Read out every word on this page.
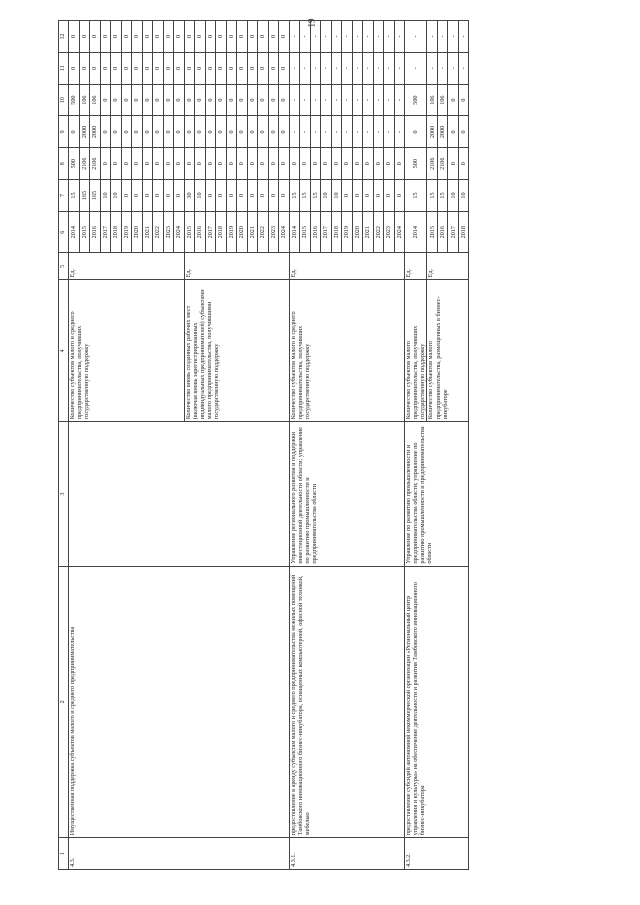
19
1	2	3	4	5	6	7	8	9	10	11	12
4.3.	Имущественная поддержка субъектов малого и среднего предпринимательства		Количество субъектов малого и среднего предпринимательства, получивших государственную поддержку	Ед.	2014	15	500	0	500	0	0
					2015	165	2106	2000	106	0	0
					2016	165	2106	2000	106	0	0
					2017	10	0	0	0	0	0
					2018	10	0	0	0	0	0
					2019	0	0	0	0	0	0
					2020	0	0	0	0	0	0
					2021	0	0	0	0	0	0
					2022	0	0	0	0	0	0
					2023	0	0	0	0	0	0
					2024	0	0	0	0	0	0
			Количество вновь созданных рабочих мест (включая вновь зарегистрированных индивидуальных предпринимателей) субъектами малого предпринимательства, получившими государственную поддержку	Ед.	2015	30	0	0	0	0	0
					2016	10	0	0	0	0	0
					2017	0	0	0	0	0	0
					2018	0	0	0	0	0	0
					2019	0	0	0	0	0	0
					2020	0	0	0	0	0	0
					2021	0	0	0	0	0	0
					2022	0	0	0	0	0	0
					2023	0	0	0	0	0	0
					2024	0	0	0	0	0	0
4.3.1.	предоставление в аренду субъектам малого и среднего предпринимательства нежилых помещений Тамбовского инновационного бизнес-инкубатора, оснащенных компьютерной, офисной техникой, мебелью	Управление регионального развития и поддержки инвестиционной деятельности области; управление по развитию промышленности и предпринимательства области	Количество субъектов малого и среднего предпринимательства, получивших государственную поддержку	Ед.	2014	15	0	-	-	-	-
					2015	15	0	-	-	-	-
					2016	15	0	-	-	-	-
					2017	10	0	-	-	-	-
					2018	10	0	-	-	-	-
					2019	0	0	-	-	-	-
					2020	0	0	-	-	-	-
					2021	0	0	-	-	-	-
					2022	0	0	-	-	-	-
					2023	0	0	-	-	-	-
					2024	0	0	-	-	-	-
4.3.2.	предоставление субсидий автономной некоммерческой организации «Региональный центр управления и культуры» на обеспечение деятельности и развития Тамбовского инновационного бизнес-инкубатора	Управление по развитию промышленности и предпринимательства области; управление по развитию промышленности и предпринимательства области	Количество субъектов малого предпринимательства, получивших государственную поддержку	Ед.	2014	15	500	0	500	-	-
			Количество субъектов малого предпринимательства, размещенных в бизнес-инкубаторе	Ед.	2015	15	2106	2000	106	-	-
					2016	15	2106	2000	106	-	-
					2017	10	0	0	0	-	-
					2018	10	0	0	0	-	-
